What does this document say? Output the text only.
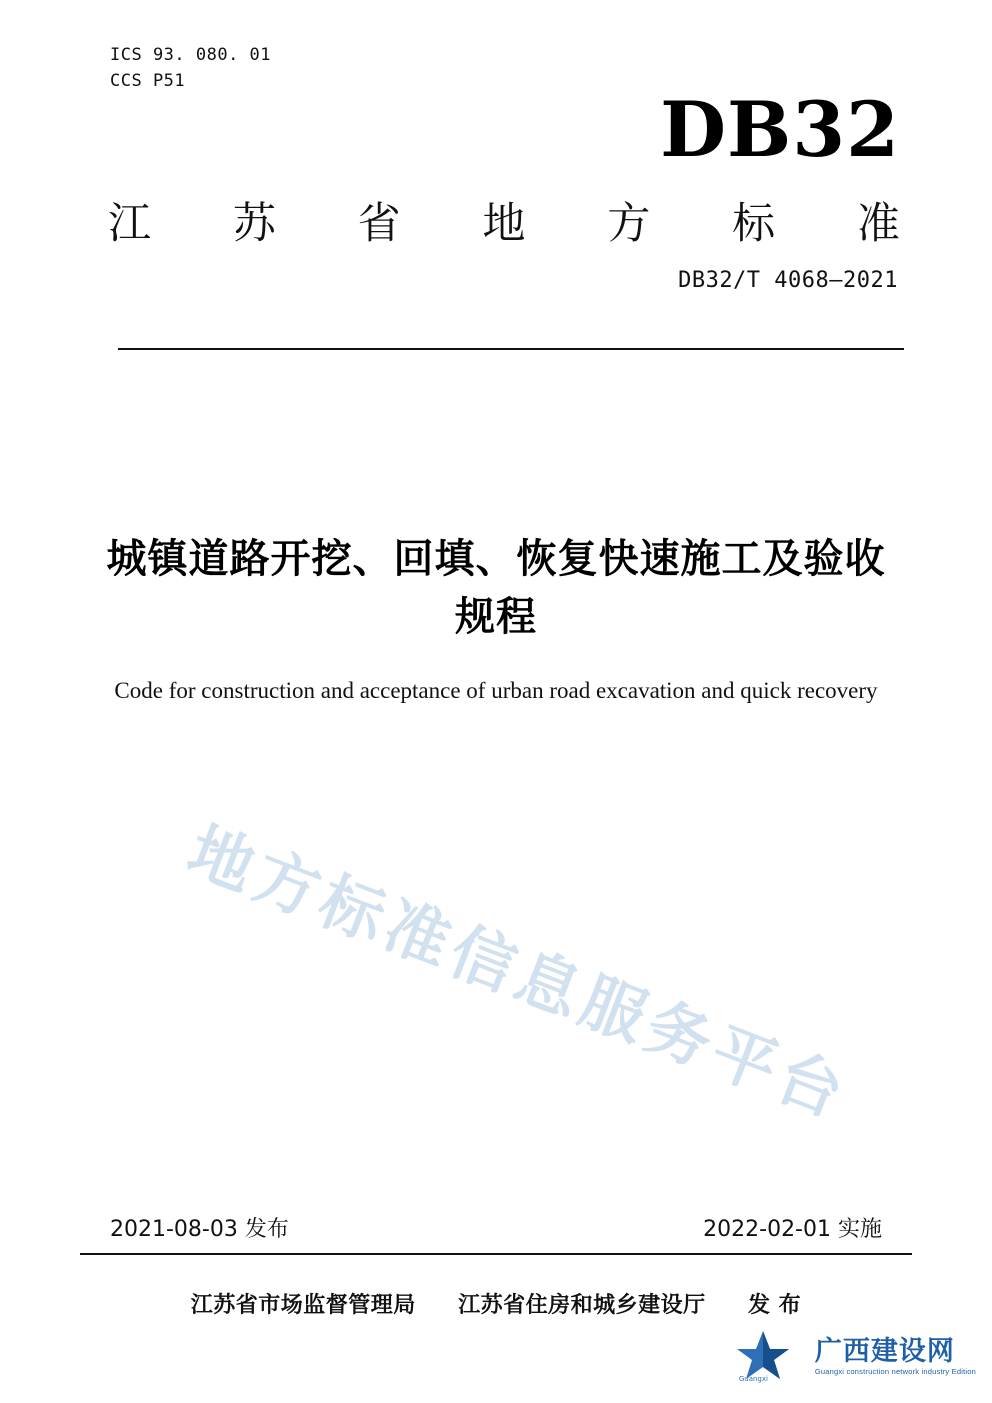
ICS 93. 080. 01
CCS P51
DB32
江 苏 省 地 方 标 准
DB32/T 4068—2021
城镇道路开挖、回填、恢复快速施工及验收规程
Code for construction and acceptance of urban road excavation and quick recovery
地方标准信息服务平台
2021-08-03 发布	2022-02-01 实施
江苏省市场监督管理局 江苏省住房和城乡建设厅 发 布
Guangxi
广西建设网
Guangxi construction network industry Edition
